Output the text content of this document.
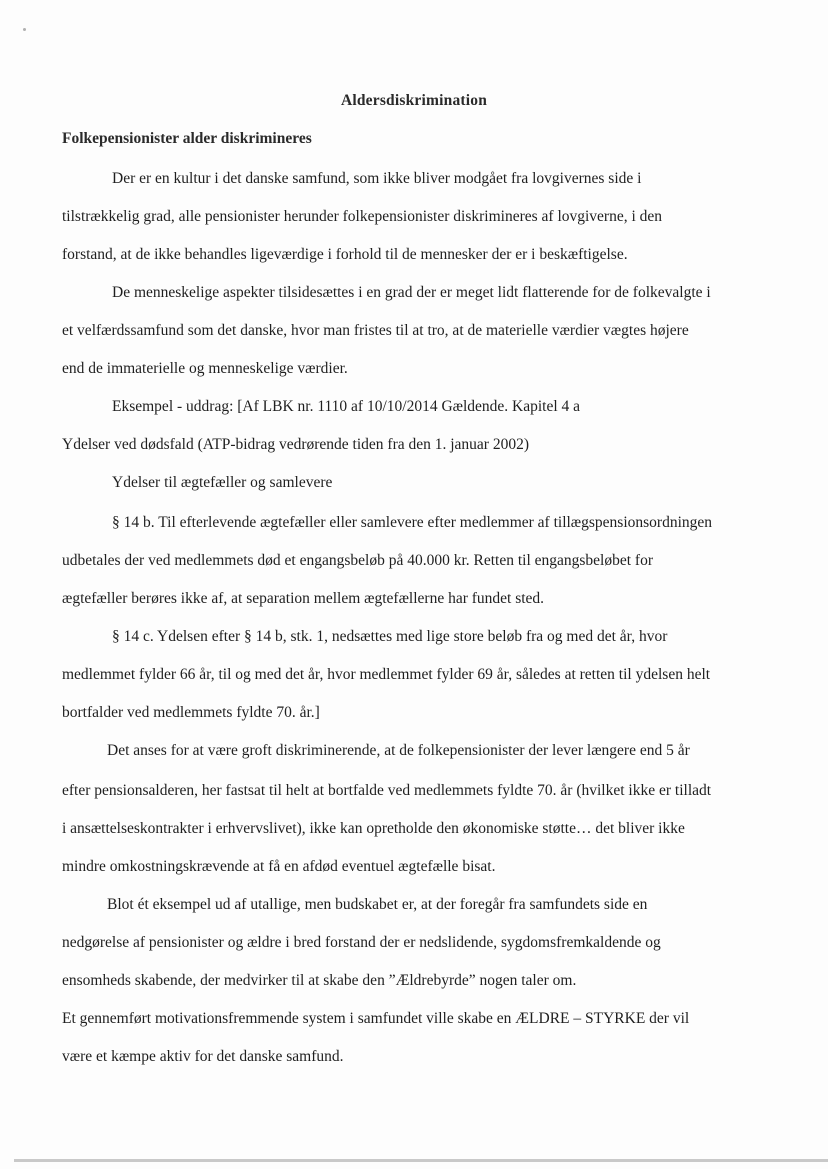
Aldersdiskrimination
Folkepensionister alder diskrimineres
Der er en kultur i det danske samfund, som ikke bliver modgået fra lovgivernes side i
tilstrækkelig grad, alle pensionister herunder folkepensionister diskrimineres af lovgiverne, i den
forstand, at de ikke behandles ligeværdige i forhold til de mennesker der er i beskæftigelse.
De menneskelige aspekter tilsidesættes i en grad der er meget lidt flatterende for de folkevalgte i
et velfærdssamfund som det danske, hvor man fristes til at tro, at de materielle værdier vægtes højere
end de immaterielle og menneskelige værdier.
Eksempel - uddrag: [Af LBK nr. 1110 af 10/10/2014 Gældende. Kapitel 4 a
Ydelser ved dødsfald (ATP-bidrag vedrørende tiden fra den 1. januar 2002)
Ydelser til ægtefæller og samlevere
§ 14 b. Til efterlevende ægtefæller eller samlevere efter medlemmer af tillægspensionsordningen
udbetales der ved medlemmets død et engangsbeløb på 40.000 kr. Retten til engangsbeløbet for
ægtefæller berøres ikke af, at separation mellem ægtefællerne har fundet sted.
§ 14 c. Ydelsen efter § 14 b, stk. 1, nedsættes med lige store beløb fra og med det år, hvor
medlemmet fylder 66 år, til og med det år, hvor medlemmet fylder 69 år, således at retten til ydelsen helt
bortfalder ved medlemmets fyldte 70. år.]
Det anses for at være groft diskriminerende, at de folkepensionister der lever længere end 5 år
efter pensionsalderen, her fastsat til helt at bortfalde ved medlemmets fyldte 70. år (hvilket ikke er tilladt
i ansættelseskontrakter i erhvervslivet), ikke kan opretholde den økonomiske støtte… det bliver ikke
mindre omkostningskrævende at få en afdød eventuel ægtefælle bisat.
Blot ét eksempel ud af utallige, men budskabet er, at der foregår fra samfundets side en
nedgørelse af pensionister og ældre i bred forstand der er nedslidende, sygdomsfremkaldende og
ensomheds skabende, der medvirker til at skabe den ”Ældrebyrde” nogen taler om.
Et gennemført motivationsfremmende system i samfundet ville skabe en ÆLDRE – STYRKE der vil
være et kæmpe aktiv for det danske samfund.
